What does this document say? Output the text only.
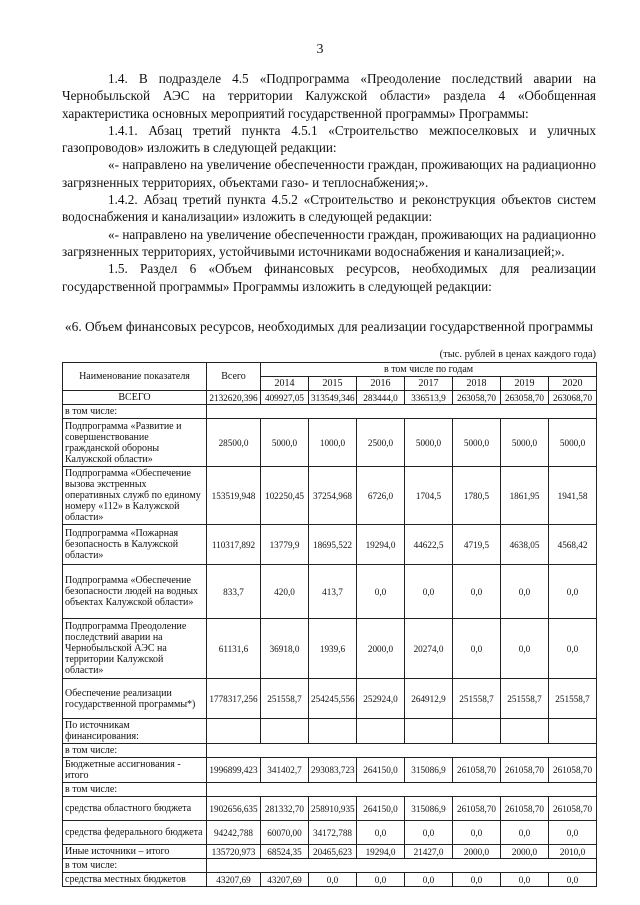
3

1.4. В подразделе 4.5 «Подпрограмма «Преодоление последствий аварии на Чернобыльской АЭС на территории Калужской области» раздела 4 «Обобщенная характеристика основных мероприятий государственной программы» Программы:

1.4.1. Абзац третий пункта 4.5.1 «Строительство межпоселковых и уличных газопроводов» изложить в следующей редакции:

«- направлено на увеличение обеспеченности граждан, проживающих на радиационно загрязненных территориях, объектами газо- и теплоснабжения;».

1.4.2. Абзац третий пункта 4.5.2 «Строительство и реконструкция объектов систем водоснабжения и канализации» изложить в следующей редакции:

«- направлено на увеличение обеспеченности граждан, проживающих на радиационно загрязненных территориях, устойчивыми источниками водоснабжения и канализацией;».

1.5. Раздел 6 «Объем финансовых ресурсов, необходимых для реализации государственной программы» Программы изложить в следующей редакции:

«6. Объем финансовых ресурсов, необходимых для реализации государственной программы
(тыс. рублей в ценах каждого года)
Наименование показателя	Всего	в том числе по годам						
		2014	2015	2016	2017	2018	2019	2020
ВСЕГО	2132620,396	409927,05	313549,346	283444,0	336513,9	263058,70	263058,70	263068,70
в том числе:								
Подпрограмма «Развитие и совершенствование гражданской обороны Калужской области»	28500,0	5000,0	1000,0	2500,0	5000,0	5000,0	5000,0	5000,0
Подпрограмма «Обеспечение вызова экстренных оперативных служб по единому номеру «112» в Калужской области»	153519,948	102250,45	37254,968	6726,0	1704,5	1780,5	1861,95	1941,58
Подпрограмма «Пожарная безопасность в Калужской области»	110317,892	13779,9	18695,522	19294,0	44622,5	4719,5	4638,05	4568,42
Подпрограмма «Обеспечение безопасности людей на водных объектах Калужской области»	833,7	420,0	413,7	0,0	0,0	0,0	0,0	0,0
Подпрограмма Преодоление последствий аварии на Чернобыльской АЭС на территории Калужской области»	61131,6	36918,0	1939,6	2000,0	20274,0	0,0	0,0	0,0
Обеспечение реализации государственной программы*)	1778317,256	251558,7	254245,556	252924,0	264912,9	251558,7	251558,7	251558,7
По источникам финансирования:								
в том числе:								
Бюджетные ассигнования - итого	1996899,423	341402,7	293083,723	264150,0	315086,9	261058,70	261058,70	261058,70
в том числе:								
средства областного бюджета	1902656,635	281332,70	258910,935	264150,0	315086,9	261058,70	261058,70	261058,70
средства федерального бюджета	94242,788	60070,00	34172,788	0,0	0,0	0,0	0,0	0,0
Иные источники – итого	135720,973	68524,35	20465,623	19294,0	21427,0	2000,0	2000,0	2010,0
в том числе:								
средства местных бюджетов	43207,69	43207,69	0,0	0,0	0,0	0,0	0,0	0,0
